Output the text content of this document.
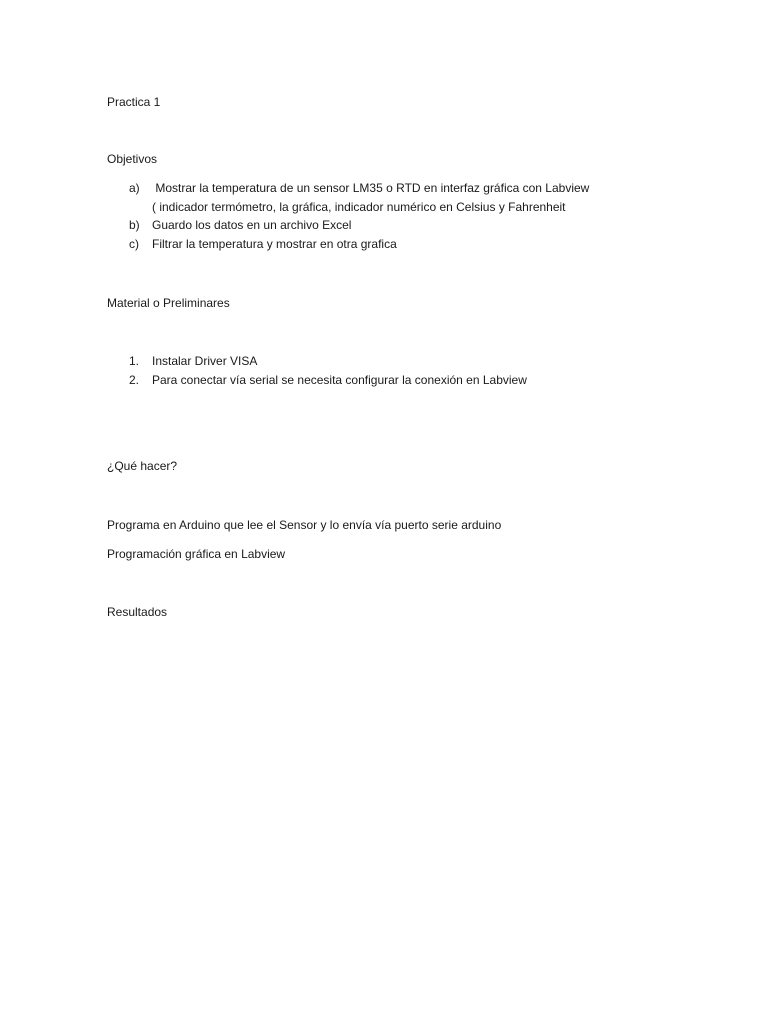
Practica 1
Objetivos
a) Mostrar la temperatura de un sensor LM35 o RTD en interfaz gráfica con Labview
( indicador termómetro, la gráfica, indicador numérico en Celsius y Fahrenheit
b) Guardo los datos en un archivo Excel
c) Filtrar la temperatura y mostrar en otra grafica
Material o Preliminares
1. Instalar Driver VISA
2. Para conectar vía serial se necesita configurar la conexión en Labview
¿Qué hacer?
Programa en Arduino que lee el Sensor y lo envía vía puerto serie arduino
Programación gráfica en Labview
Resultados
